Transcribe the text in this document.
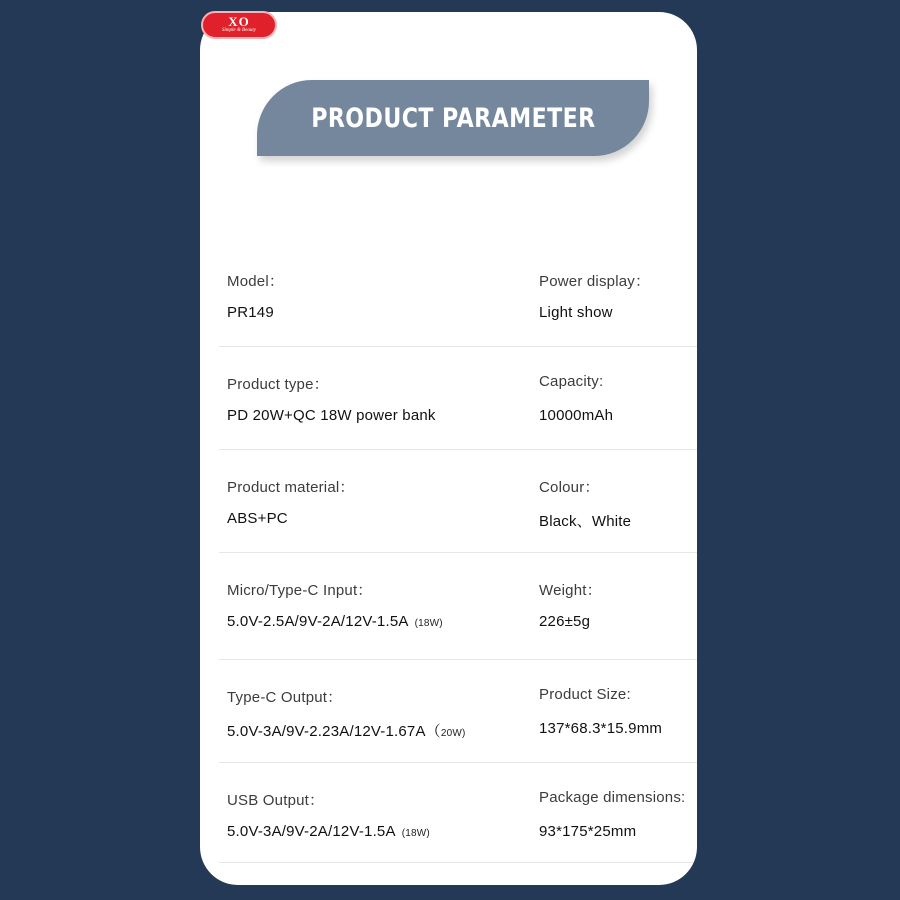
PRODUCT PARAMETER
Model：
PR149
Power display：
Light show
Product type：
PD 20W+QC 18W power bank
Capacity:
10000mAh
Product material：
ABS+PC
Colour：
Black、White
Micro/Type-C Input：
5.0V-2.5A/9V-2A/12V-1.5A (18W)
Weight：
226±5g
Type-C Output：
5.0V-3A/9V-2.23A/12V-1.67A（20W)
Product Size:
137*68.3*15.9mm
USB Output：
5.0V-3A/9V-2A/12V-1.5A (18W)
Package dimensions:
93*175*25mm
XO
Simple & Beauty
